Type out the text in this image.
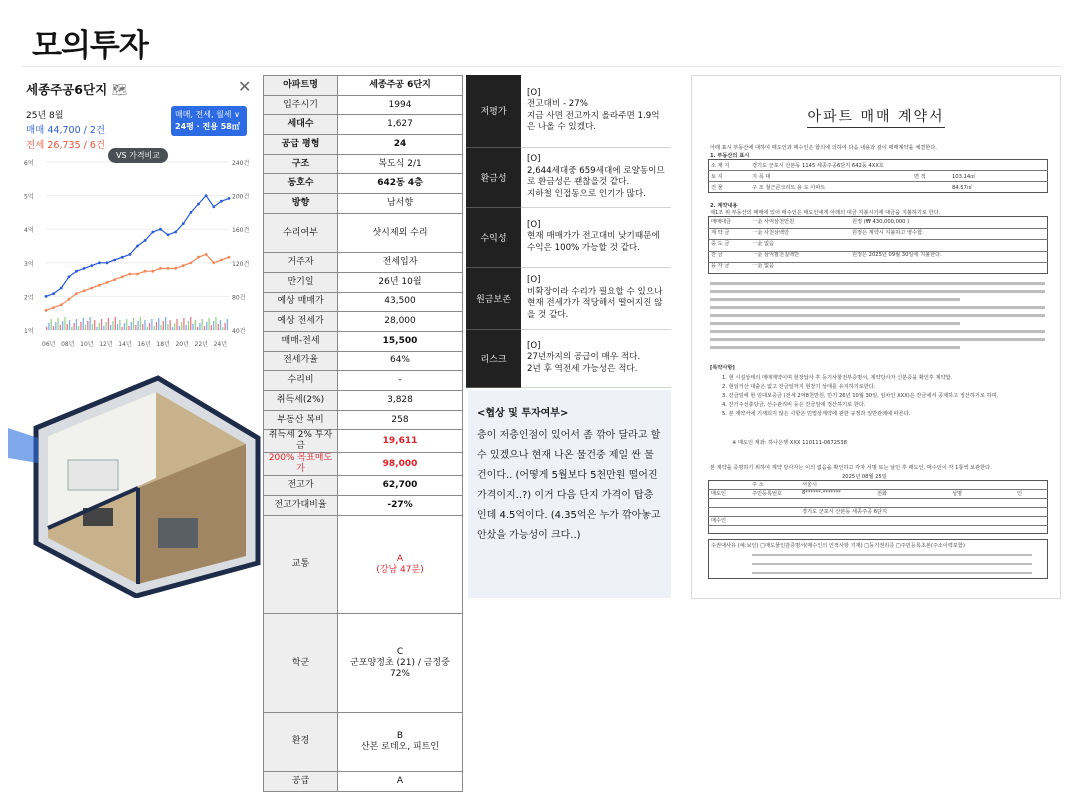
모의투자
세종주공6단지 🗺	✕
25년 8월
매매 44,700 / 2건
전세 26,735 / 6건
매매, 전세, 월세 ∨
24평 · 전용 58㎡
6억	240건
5억	200건
4억	160건
3억	120건
2억	80건
1억	40건
06년 08년 10년 12년 14년 16년 18년 20년 22년 24년
VS 가격비교
아파트명	세종주공 6단지
입주시기	1994
세대수	1,627
공급 평형	24
구조	복도식 2/1
동호수	642동 4층
방향	남서향
수리여부	샷시제외 수리
거주자	전세입자
만기일	26년 10월
예상 매매가	43,500
예상 전세가	28,000
매매-전세	15,500
전세가율	64%
수리비	-
취득세(2%)	3,828
부동산 복비	258
취득세 2% 투자금	19,611
200% 목표매도가	98,000
전고가	62,700
전고가대비율	-27%
교통	A
(강남 47분)
학군	C
군포양정초 (21) / 금정중
72%
환경	B
산본 로데오, 피트인
공급	A
저평가	[O]
전고대비 - 27%
지금 사면 전고까지 올라주면 1.9억은 나올 수 있겠다.
환금성	[O]
2,644세대중 659세대에 로얄동이므로 환금성은 괜찮을것 같다.
지하철 인접동으로 인기가 많다.
수익성	[O]
현재 매매가가 전고대비 낮기때문에 수익은 100% 가능할 것 같다.
원금보존	[O]
비확장이라 수리가 필요할 수 있으나 현재 전세가가 적당해서 떨어지진 않을 것 같다.
리스크	[O]
27년까지의 공급이 매우 적다.
2년 후 역전세 가능성은 적다.
<협상 및 투자여부>
층이 저층인점이 있어서 좀 깎아 달라고 할 수 있겠으나 현재 나온 물건중 제일 싼 물건이다.. (어떻게 5월보다 5천만원 떨어진 가격이지..?) 이거 다음 단지 가격이 탑층인데 4.5억이다. (4.35억은 누가 깎아놓고 안샀을 가능성이 크다..)
아파트 매매 계약서
아래 표시 부동산에 대하여 매도인과 매수인은 합의에 의하여 다음 내용과 같이 매매계약을 체결한다.
1. 부동산의 표시
소 재 지	경기도 군포시 산본동 1145 세종주공6단지 642동 4XX호
토 지	지 목 대	면 적	103.14㎡
건 물	구 조 철근콘크리트 용 도 아파트	84.57㎡
2. 계약내용
제1조 위 부동산의 매매에 있어 매수인은 매도인에게 아래의 대금 지불시기에 대금을 지불하기로 한다.
매매대금	一金 사억삼천만원	원정 (₩ 430,000,000 )
계 약 금	一金 사천삼백만	원정은 계약시 지불하고 영수함.
중 도 금	一金 없음
잔 금	一金 삼억팔천칠백만	원정은 2025년 09월 30일에 지불한다.
융 자 금	一金 없음
[특약사항]
1. 현 시설상태의 매매계약이며 현장답사 후 등기사항전부증명서, 계약당사자 신분증을 확인후 계약함.
2. 현임거산 대출은 없고 잔금일까지 현장기 상태를 유지하기로한다.
3. 잔금일에 현 임대보증금 (전세 2억8천만원, 만기 26년 10월 30일, 임차인 XXX)은 잔금에서 공제하고 정산하기로 하며,
4. 잔기수선충당금, 선수관리비 등은 잔금일에 정산하기로 한다.
5. 본 계약서에 기재되지 않은 사항은 민법상계약에 관한 규정과 일반관례에 따른다.
※ 매도인 계좌: 하나은행 XXX 110111-0672538
본 계약을 증명하기 위하여 계약 당사자는 이의 없음을 확인하고 각자 서명 또는 날인 후 매도인, 매수인이 각 1통씩 보관한다.
2025년 08월 25일
매도인
주 소	서울시
주민등록번호	8******-*******	전화	성명	인
매수인
경기도 군포시 산본동 세종주공 6단지
수권대사유 (예:보인) □매도물인감증명서(매수인의 인적사항 기재) □등기권리증 □주민등록초본(주소이력포함)
